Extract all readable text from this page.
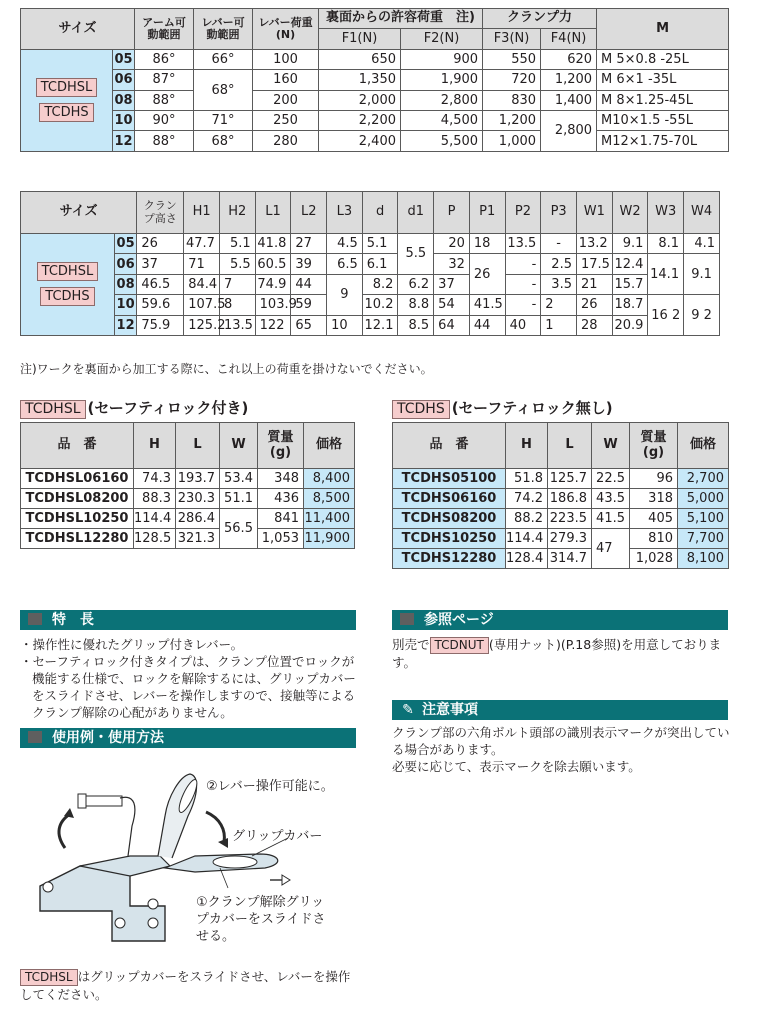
サイズ		アーム可動範囲	レバー可動範囲	レバー荷重(N)	裏面からの許容荷重　注)		クランプ力		M
					F1(N)	F2(N)	F3(N)	F4(N)	
TCDHSL
TCDHS	05	86°	66°	100	650	900	550	620	M 5×0.8 -25L
	06	87°	68°	160	1,350	1,900	720	1,200	M 6×1 -35L
	08	88°		200	2,000	2,800	830	1,400	M 8×1.25-45L
	10	90°	71°	250	2,200	4,500	1,200	2,800	M10×1.5 -55L
	12	88°	68°	280	2,400	5,500	1,000		M12×1.75-70L
サイズ		クランプ高さ	H1	H2	L1	L2	L3	d	d1	P	P1	P2	P3	W1	W2	W3	W4
TCDHSL
TCDHS	05	26	47.7	5.1	41.8	27	4.5	5.1	5.5	20	18	13.5	-	13.2	9.1	8.1	4.1
	06	37	71	5.5	60.5	39	6.5	6.1		32	26	-	2.5	17.5	12.4	14.1	9.1
	08	46.5	84.4	7	74.9	44	9	8.2	6.2	37		-	3.5	21	15.7		
	10	59.6	107.5	8	103.9	59		10.2	8.8	54	41.5	-	2	26	18.7	16 2	9 2
	12	75.9	125.2	13.5	122	65	10	12.1	8.5	64	44	40	1	28	20.9		
注)ワークを裏面から加工する際に、これ以上の荷重を掛けないでください。
TCDHSL (セーフティロック付き)
品　番	H	L	W	質量(g)	価格
TCDHSL06160	74.3	193.7	53.4	348	8,400
TCDHSL08200	88.3	230.3	51.1	436	8,500
TCDHSL10250	114.4	286.4	56.5	841	11,400
TCDHSL12280	128.5	321.3		1,053	11,900
TCDHS (セーフティロック無し)
品　番	H	L	W	質量(g)	価格
TCDHS05100	51.8	125.7	22.5	96	2,700
TCDHS06160	74.2	186.8	43.5	318	5,000
TCDHS08200	88.2	223.5	41.5	405	5,100
TCDHS10250	114.4	279.3	47	810	7,700
TCDHS12280	128.4	314.7		1,028	8,100
特　長
・操作性に優れたグリップ付きレバー。
・セーフティロック付きタイプは、クランプ位置でロックが機能する仕様で、ロックを解除するには、グリップカバーをスライドさせ、レバーを操作しますので、接触等によるクランプ解除の心配がありません。
使用例・使用方法
②レバー操作可能に。
グリップカバー
①クランプ解除グリップカバーをスライドさせる。
TCDHSL はグリップカバーをスライドさせ、レバーを操作してください。
参照ページ
別売で TCDNUT (専用ナット)(P.18参照)を用意しております。
✎ 注意事項
クランプ部の六角ボルト頭部の識別表示マークが突出している場合があります。
必要に応じて、表示マークを除去願います。
